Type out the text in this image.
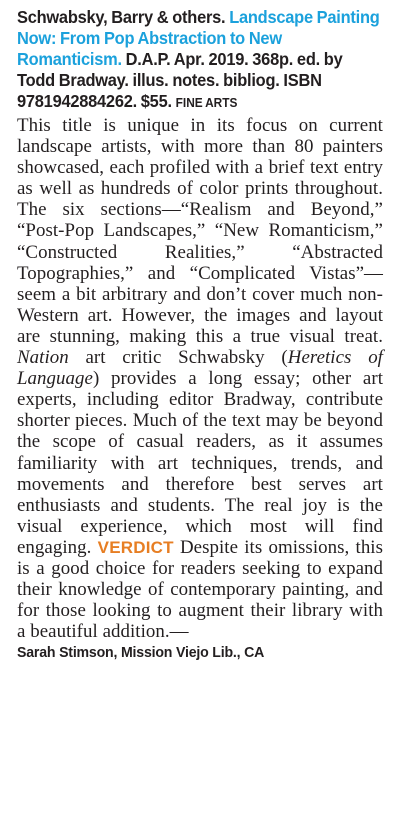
Schwabsky, Barry & others. Landscape Painting Now: From Pop Abstraction to New Romanticism. D.A.P. Apr. 2019. 368p. ed. by Todd Bradway. illus. notes. bibliog. ISBN 9781942884262. $55. FINE ARTS

This title is unique in its focus on current landscape artists, with more than 80 painters showcased, each profiled with a brief text entry as well as hundreds of color prints throughout. The six sections—“Realism and Beyond,” “Post-Pop Landscapes,” “New Romanticism,” “Constructed Realities,” “Abstracted Topographies,” and “Complicated Vistas”—seem a bit arbitrary and don’t cover much non-Western art. However, the images and layout are stunning, making this a true visual treat. Nation art critic Schwabsky (Heretics of Language) provides a long essay; other art experts, including editor Bradway, contribute shorter pieces. Much of the text may be beyond the scope of casual readers, as it assumes familiarity with art techniques, trends, and movements and therefore best serves art enthusiasts and students. The real joy is the visual experience, which most will find engaging. VERDICT Despite its omissions, this is a good choice for readers seeking to expand their knowledge of contemporary painting, and for those looking to augment their library with a beautiful addition.—

Sarah Stimson, Mission Viejo Lib., CA
